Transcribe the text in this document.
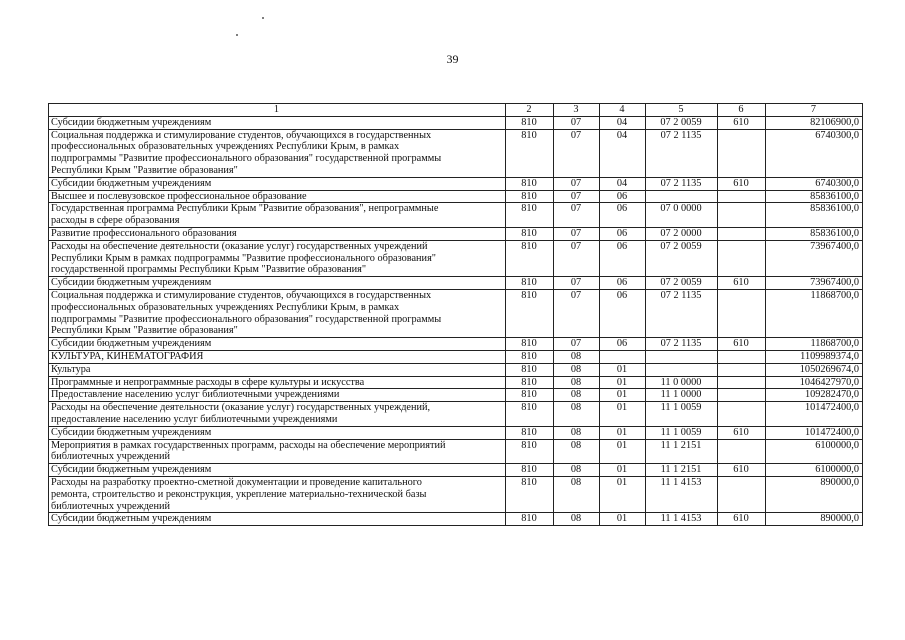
39
1	2	3	4	5	6	7
Субсидии бюджетным учреждениям	810	07	04	07 2 0059	610	82106900,0
Социальная поддержка и стимулирование студентов, обучающихся в государственных
профессиональных образовательных учреждениях Республики Крым, в рамках
подпрограммы "Развитие профессионального образования" государственной программы
Республики Крым "Развитие образования"	810	07	04	07 2 1135		6740300,0
Субсидии бюджетным учреждениям	810	07	04	07 2 1135	610	6740300,0
Высшее и послевузовское профессиональное образование	810	07	06			85836100,0
Государственная программа Республики Крым "Развитие образования", непрограммные
расходы в сфере образования	810	07	06	07 0 0000		85836100,0
Развитие профессионального образования	810	07	06	07 2 0000		85836100,0
Расходы на обеспечение деятельности (оказание услуг) государственных учреждений
Республики Крым в рамках подпрограммы "Развитие профессионального образования"
государственной программы Республики Крым "Развитие образования"	810	07	06	07 2 0059		73967400,0
Субсидии бюджетным учреждениям	810	07	06	07 2 0059	610	73967400,0
Социальная поддержка и стимулирование студентов, обучающихся в государственных
профессиональных образовательных учреждениях Республики Крым, в рамках
подпрограммы "Развитие профессионального образования" государственной программы
Республики Крым "Развитие образования"	810	07	06	07 2 1135		11868700,0
Субсидии бюджетным учреждениям	810	07	06	07 2 1135	610	11868700,0
КУЛЬТУРА, КИНЕМАТОГРАФИЯ	810	08				1109989374,0
Культура	810	08	01			1050269674,0
Программные и непрограммные расходы в сфере культуры и искусства	810	08	01	11 0 0000		1046427970,0
Предоставление населению услуг библиотечными учреждениями	810	08	01	11 1 0000		109282470,0
Расходы на обеспечение деятельности (оказание услуг) государственных учреждений,
предоставление населению услуг библиотечными учреждениями	810	08	01	11 1 0059		101472400,0
Субсидии бюджетным учреждениям	810	08	01	11 1 0059	610	101472400,0
Мероприятия в рамках государственных программ, расходы на обеспечение мероприятий
библиотечных учреждений	810	08	01	11 1 2151		6100000,0
Субсидии бюджетным учреждениям	810	08	01	11 1 2151	610	6100000,0
Расходы на разработку проектно-сметной документации и проведение капитального
ремонта, строительство и реконструкция, укрепление материально-технической базы
библиотечных учреждений	810	08	01	11 1 4153		890000,0
Субсидии бюджетным учреждениям	810	08	01	11 1 4153	610	890000,0
